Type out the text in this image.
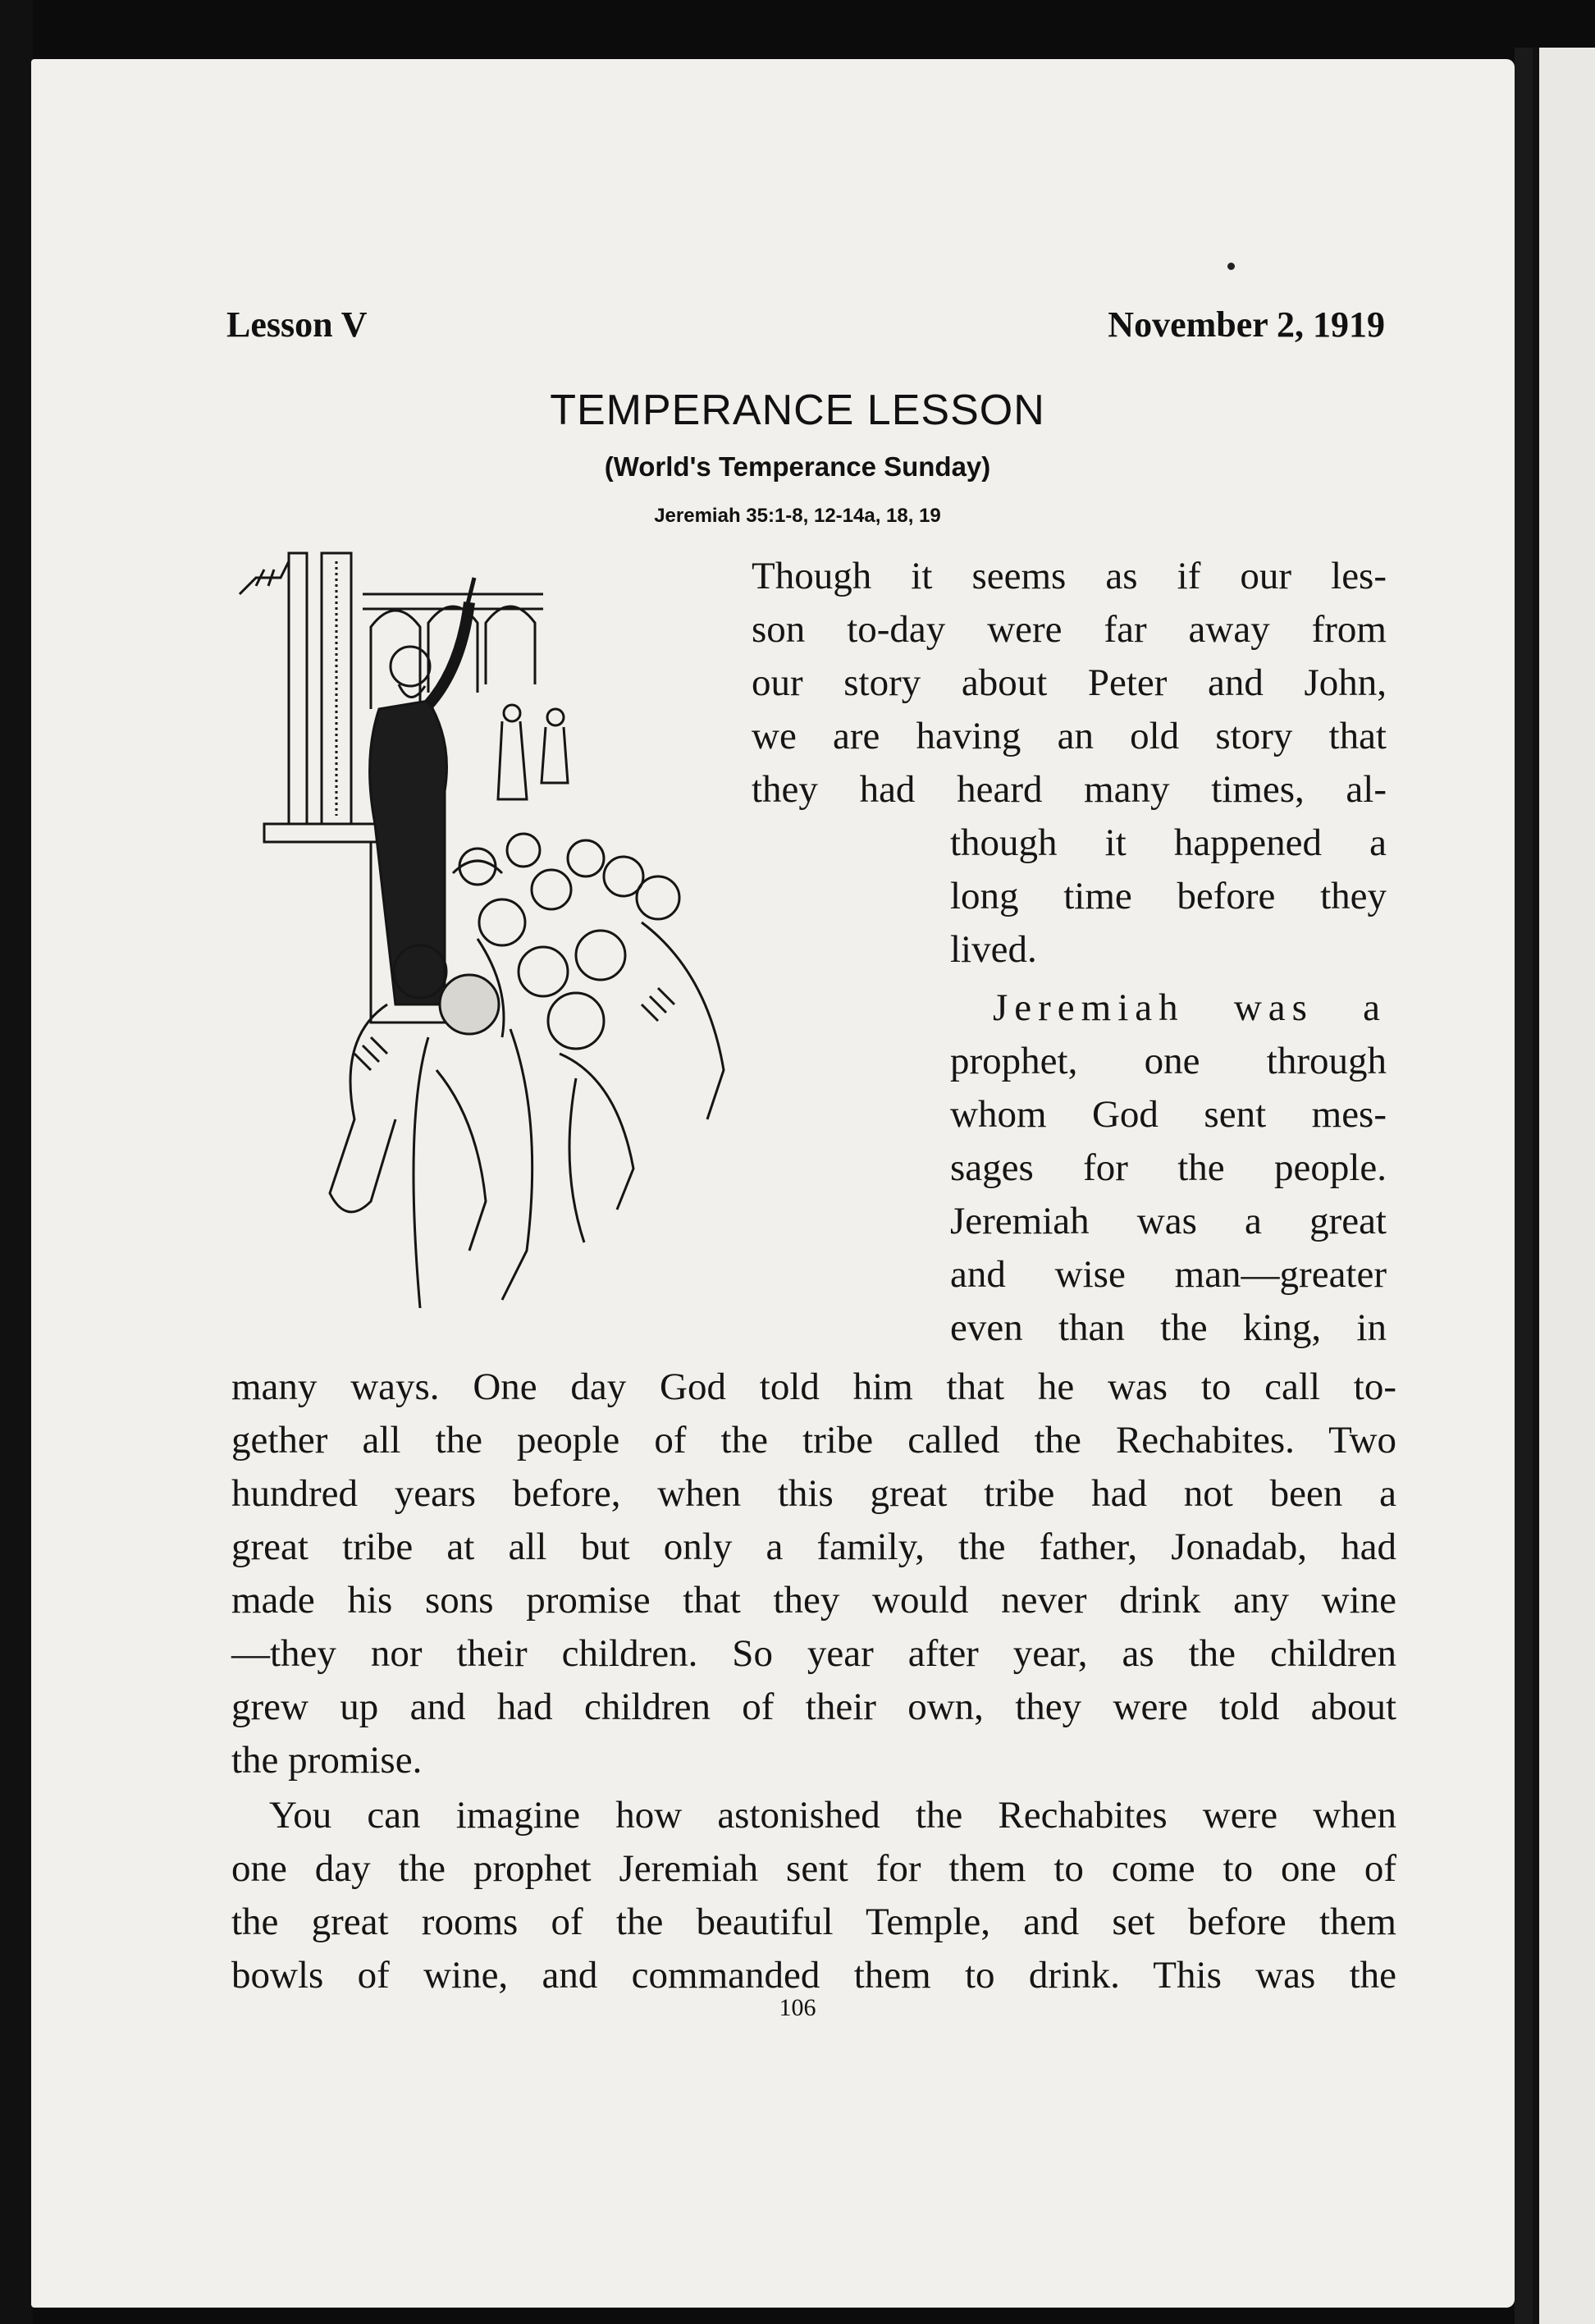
Lesson V	November 2, 1919
TEMPERANCE LESSON
(World's Temperance Sunday)
Jeremiah 35:1-8, 12-14a, 18, 19
Though it seems as if our les-
son to-day were far away from
our story about Peter and John,
we are having an old story that
they had heard many times, al-
though it happened a
long time before they
lived.
Jeremiah was a
prophet, one through
whom God sent mes-
sages for the people.
Jeremiah was a great
and wise man—greater
even than the king, in
many ways. One day God told him that he was to call to-
gether all the people of the tribe called the Rechabites. Two
hundred years before, when this great tribe had not been a
great tribe at all but only a family, the father, Jonadab, had
made his sons promise that they would never drink any wine
—they nor their children. So year after year, as the children
grew up and had children of their own, they were told about
the promise.
You can imagine how astonished the Rechabites were when
one day the prophet Jeremiah sent for them to come to one of
the great rooms of the beautiful Temple, and set before them
bowls of wine, and commanded them to drink. This was the
106
